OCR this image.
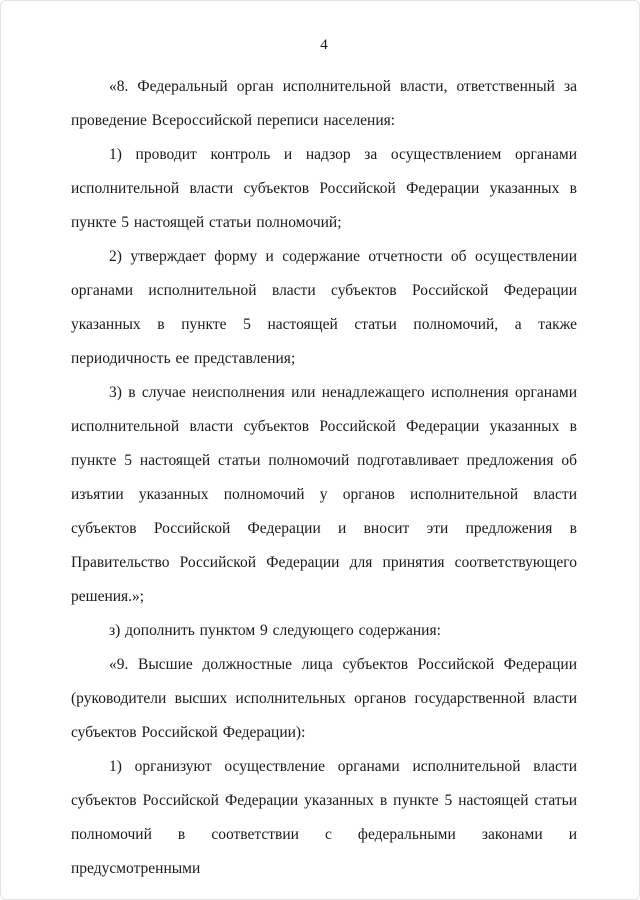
4

«8. Федеральный орган исполнительной власти, ответственный за проведение Всероссийской переписи населения:

1) проводит контроль и надзор за осуществлением органами исполнительной власти субъектов Российской Федерации указанных в пункте 5 настоящей статьи полномочий;

2) утверждает форму и содержание отчетности об осуществлении органами исполнительной власти субъектов Российской Федерации указанных в пункте 5 настоящей статьи полномочий, а также периодичность ее представления;

3) в случае неисполнения или ненадлежащего исполнения органами исполнительной власти субъектов Российской Федерации указанных в пункте 5 настоящей статьи полномочий подготавливает предложения об изъятии указанных полномочий у органов исполнительной власти субъектов Российской Федерации и вносит эти предложения в Правительство Российской Федерации для принятия соответствующего решения.»;

з) дополнить пунктом 9 следующего содержания:

«9. Высшие должностные лица субъектов Российской Федерации (руководители высших исполнительных органов государственной власти субъектов Российской Федерации):

1) организуют осуществление органами исполнительной власти субъектов Российской Федерации указанных в пункте 5 настоящей статьи полномочий в соответствии с федеральными законами и предусмотренными
